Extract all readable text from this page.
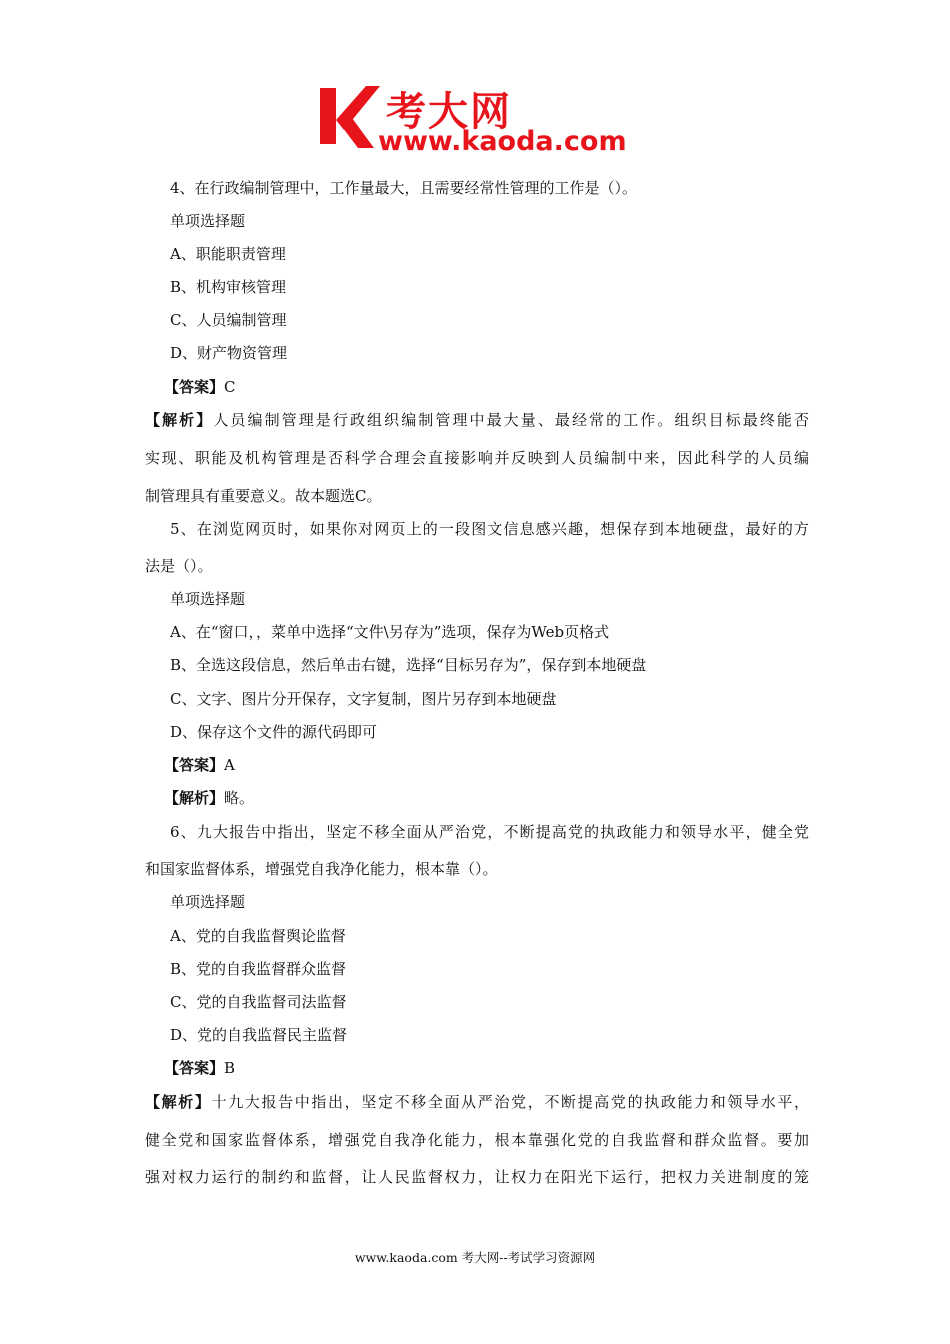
考大网
www.kaoda.com
4、在行政编制管理中，工作量最大，且需要经常性管理的工作是（）。
单项选择题
A、职能职责管理
B、机构审核管理
C、人员编制管理
D、财产物资管理
【答案】C
【解析】人员编制管理是行政组织编制管理中最大量、最经常的工作。组织目标最终能否
实现、职能及机构管理是否科学合理会直接影响并反映到人员编制中来，因此科学的人员编
制管理具有重要意义。故本题选C。
5、在浏览网页时，如果你对网页上的一段图文信息感兴趣，想保存到本地硬盘，最好的方
法是（）。
单项选择题
A、在“窗口，，菜单中选择“文件\另存为”选项，保存为Web页格式
B、全选这段信息，然后单击右键，选择“目标另存为”，保存到本地硬盘
C、文字、图片分开保存，文字复制，图片另存到本地硬盘
D、保存这个文件的源代码即可
【答案】A
【解析】略。
6、九大报告中指出，坚定不移全面从严治党，不断提高党的执政能力和领导水平，健全党
和国家监督体系，增强党自我净化能力，根本靠（）。
单项选择题
A、党的自我监督舆论监督
B、党的自我监督群众监督
C、党的自我监督司法监督
D、党的自我监督民主监督
【答案】B
【解析】十九大报告中指出，坚定不移全面从严治党，不断提高党的执政能力和领导水平，
健全党和国家监督体系，增强党自我净化能力，根本靠强化党的自我监督和群众监督。要加
强对权力运行的制约和监督，让人民监督权力，让权力在阳光下运行，把权力关进制度的笼
www.kaoda.com 考大网--考试学习资源网
